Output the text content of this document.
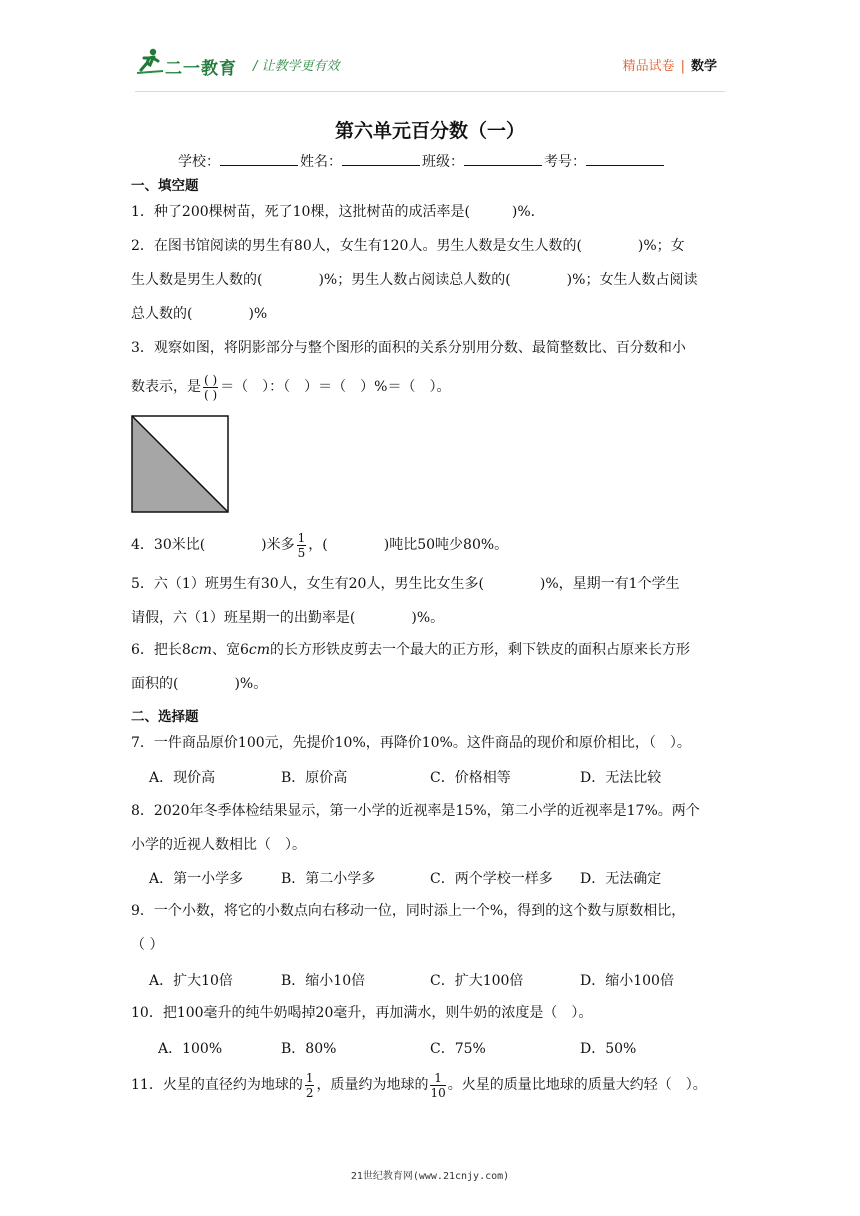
二一教育 / 让教学更有效	精品试卷 | 数学
第六单元百分数（一）
学校：	姓名：	班级：	考号：
一、填空题
1．种了200棵树苗，死了10棵，这批树苗的成活率是(　　　)%．
2．在图书馆阅读的男生有80人，女生有120人。男生人数是女生人数的(　　　　)%；女
生人数是男生人数的(　　　　)%；男生人数占阅读总人数的(　　　　)%；女生人数占阅读
总人数的(　　　　)%
3．观察如图，将阴影部分与整个图形的面积的关系分别用分数、最简整数比、百分数和小
数表示，是 $\frac{( )}{( )}$ ＝（　）：（　）＝（　）%＝（　）。
4．30米比(　　　　)米多 $\frac{1}{5}$ ，(　　　　)吨比50吨少80%。
5．六（1）班男生有30人，女生有20人，男生比女生多(　　　　)%，星期一有1个学生
请假，六（1）班星期一的出勤率是(　　　　)%。
6．把长8cm、宽6cm的长方形铁皮剪去一个最大的正方形，剩下铁皮的面积占原来长方形
面积的(　　　　)%。
二、选择题
7．一件商品原价100元，先提价10%，再降价10%。这件商品的现价和原价相比，（　）。
A．现价高	B．原价高	C．价格相等	D．无法比较
8．2020年冬季体检结果显示，第一小学的近视率是15%，第二小学的近视率是17%。两个
小学的近视人数相比（　）。
A．第一小学多	B．第二小学多	C．两个学校一样多 D．无法确定
9．一个小数，将它的小数点向右移动一位，同时添上一个%，得到的这个数与原数相比，
（ ）
A．扩大10倍	B．缩小10倍	C．扩大100倍	D．缩小100倍
10．把100毫升的纯牛奶喝掉20毫升，再加满水，则牛奶的浓度是（　）。
A．100%	B．80%	C．75%	D．50%
11．火星的直径约为地球的 $\frac{1}{2}$ ，质量约为地球的 $\frac{1}{10}$ 。火星的质量比地球的质量大约轻（　）。
21世纪教育网(www.21cnjy.com)
